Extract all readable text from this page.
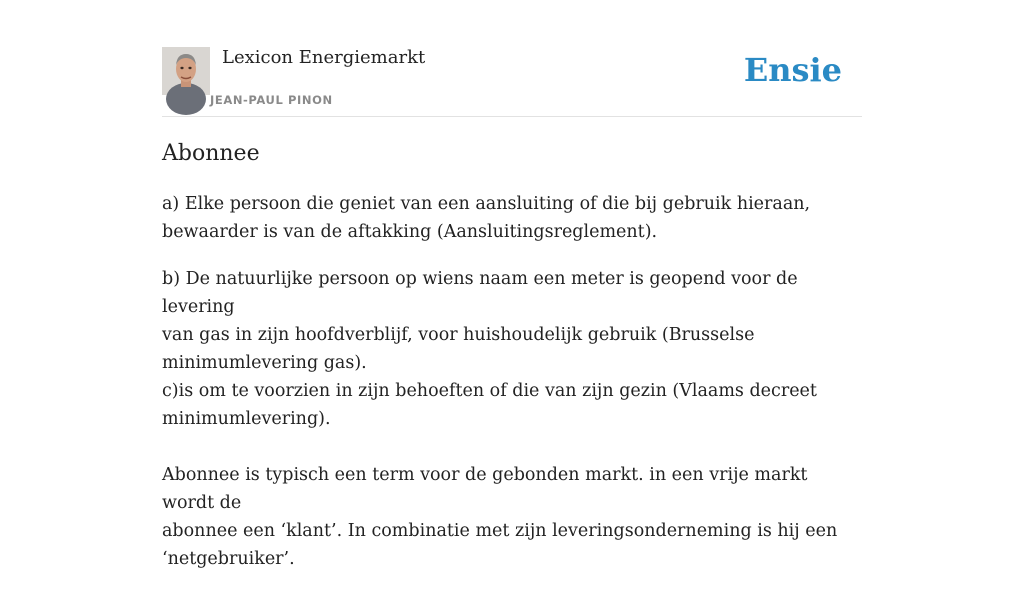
Lexicon Energiemarkt
JEAN-PAUL PINON
Ensie
Abonnee

a) Elke persoon die geniet van een aansluiting of die bij gebruik hieraan,
bewaarder is van de aftakking (Aansluitingsreglement).

b) De natuurlijke persoon op wiens naam een meter is geopend voor de levering
van gas in zijn hoofdverblijf, voor huishoudelijk gebruik (Brusselse
minimumlevering gas).
c)is om te voorzien in zijn behoeften of die van zijn gezin (Vlaams decreet
minimumlevering).
Abonnee is typisch een term voor de gebonden markt. in een vrije markt wordt de
abonnee een ‘klant’. In combinatie met zijn leveringsonderneming is hij een
‘netgebruiker’.
